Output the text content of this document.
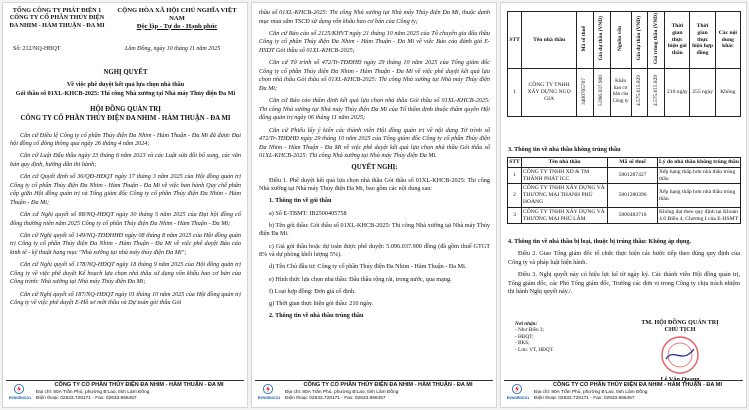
TỔNG CÔNG TY PHÁT ĐIỆN 1
CÔNG TY CỔ PHẦN THỦY ĐIỆN
ĐA NHIM - HÀM THUẬN - ĐA MI
CỘNG HÒA XÃ HỘI CHỦ NGHĨA VIỆT NAM
Độc lập - Tự do - Hạnh phúc
Số: 212/NQ-HĐQT	Lâm Đồng, ngày 10 tháng 11 năm 2025

NGHỊ QUYẾT

Về việc phê duyệt kết quả lựa chọn nhà thầu

Gói thầu số 01XL-KHCB-2025: Thi công Nhà xưởng tại Nhà máy Thủy điện Đa Mi

HỘI ĐỒNG QUẢN TRỊ

CÔNG TY CỔ PHẦN THỦY ĐIỆN ĐA NHIM - HÀM THUẬN - ĐA MI

Căn cứ Điều lệ Công ty cổ phần Thủy điện Đa Nhim - Hàm Thuận - Đa Mi đã được Đại hội đồng cổ đông thông qua ngày 26 tháng 4 năm 2024;

Căn cứ Luật Đấu thầu ngày 23 tháng 6 năm 2023 và các Luật sửa đổi bổ sung, các văn bản quy định, hướng dẫn thi hành;

Căn cứ Quyết định số 36/QĐ-HĐQT ngày 17 tháng 3 năm 2025 của Hội đồng quản trị Công ty cổ phần Thủy điện Đa Nhim - Hàm Thuận - Đa Mi về việc ban hành Quy chế phân cấp giữa Hội đồng quản trị và Tổng giám đốc Công ty cổ phần Thủy điện Đa Nhim - Hàm Thuận - Đa Mi;

Căn cứ Nghị quyết số 88/NQ-HĐQT ngày 30 tháng 5 năm 2025 của Đại hội đồng cổ đông thường niên năm 2025 Công ty cổ phần Thủy điện Đa Nhim - Hàm Thuận - Đa Mi;

Căn cứ Nghị quyết số 149/NQ-TĐĐHHĐ ngày 08 tháng 8 năm 2025 của Hội đồng quản trị Công ty cổ phần Thủy điện Đa Nhim - Hàm Thuận - Đa Mi về việc phê duyệt Báo cáo kinh tế - kỹ thuật hạng mục "Nhà xưởng tại nhà máy thủy điện Đa Mi";

Căn cứ Nghị quyết số 178/NQ-HĐQT ngày 18 tháng 9 năm 2025 của Hội đồng quản trị Công ty về việc phê duyệt Kế hoạch lựa chọn nhà thầu sử dụng vốn khấu hao cơ bản của Công trình: Nhà xưởng tại Nhà máy Thủy điện Đa Mi;

Căn cứ Nghị quyết số 187/NQ-HĐQT ngày 01 tháng 10 năm 2025 của Hội đồng quản trị Công ty về việc phê duyệt E-Hồ sơ mời thầu và Dự toán gói thầu Gói

EVNGENCO1
CÔNG TY CỔ PHẦN THỦY ĐIỆN ĐA NHIM - HÀM THUẬN - ĐA MI
Địa chỉ: 80A Trần Phú, phường B'Lao, tỉnh Lâm Đồng
Điện thoại: 02633.728171 - Fax: 02633.866457

thầu số 01XL-KHCB-2025: Thi công Nhà xưởng tại Nhà máy Thủy điện Đa Mi, thuộc danh mục mua sắm TSCĐ sử dụng vốn khấu hao cơ bản của Công ty;

Căn cứ Báo cáo số 2125/KHVT ngày 21 tháng 10 năm 2025 của Tổ chuyên gia đấu thầu Công ty cổ phần Thủy điện Đa Nhim - Hàm Thuận - Đa Mi về việc Báo cáo đánh giá E-HSDT Gói thầu số 01XL-KHCB-2025;

Căn cứ Tờ trình số 472/Tr-TĐĐHĐ ngày 29 tháng 10 năm 2025 của Tổng giám đốc Công ty cổ phần Thủy điện Đa Nhim - Hàm Thuận - Đa Mi về việc phê duyệt kết quả lựa chọn nhà thầu Gói thầu số 01XL-KHCB-2025: Thi công Nhà xưởng tại Nhà máy Thủy điện Đa Mi;

Căn cứ Báo cáo thẩm định kết quả lựa chọn nhà thầu Gói thầu số 01XL-KHCB-2025: Thi công Nhà xưởng tại Nhà máy Thủy điện Đa Mi của Tổ thẩm định thuộc thẩm quyền Hội đồng quản trị ngày 06 tháng 11 năm 2025;

Căn cứ Phiếu lấy ý kiến các thành viên Hội đồng quản trị về nội dung Tờ trình số 472/Tr-TĐĐHĐ ngày 29 tháng 10 năm 2025 của Tổng giám đốc Công ty cổ phần Thủy điện Đa Nhim - Hàm Thuận - Đa Mi về việc phê duyệt kết quả lựa chọn nhà thầu Gói thầu số 01XL-KHCB-2025: Thi công Nhà xưởng tại Nhà máy Thủy điện Đa Mi.

QUYẾT NGHỊ:

Điều 1. Phê duyệt kết quả lựa chọn nhà thầu Gói thầu số 01XL-KHCB-2025: Thi công Nhà xưởng tại Nhà máy Thủy điện Đa Mi, bao gồm các nội dung sau:

1. Thông tin về gói thầu

a) Số E-TBMT: IB2500405758

b) Tên gói thầu: Gói thầu số 01XL-KHCB-2025: Thi công Nhà xưởng tại Nhà máy Thủy điện Đa Mi.

c) Giá gói thầu hoặc dự toán được phê duyệt: 5.096.037.900 đồng (đã gồm thuế GTGT 8% và dự phòng khối lượng 5%).

d) Tên Chủ đầu tư: Công ty cổ phần Thủy điện Đa Nhim - Hàm Thuận - Đa Mi.

e) Hình thức lựa chọn nhà thầu: Đấu thầu rộng rãi, trong nước, qua mạng.

f) Loại hợp đồng: Đơn giá cố định.

g) Thời gian thực hiện gói thầu: 210 ngày.

2. Thông tin về nhà thầu trúng thầu

EVNGENCO1
CÔNG TY CỔ PHẦN THỦY ĐIỆN ĐA NHIM - HÀM THUẬN - ĐA MI
Địa chỉ: 80A Trần Phú, phường B'Lao, tỉnh Lâm Đồng
Điện thoại: 02633.728171 - Fax: 02633.866457
STT	Tên nhà thầu	Mã số thuế	Giá dự thầu (VND)	Nguồn vốn	Giá dự thầu (VND)	Giá trúng thầu (VND)	Thời gian thực hiện gói thầu	Thời gian thực hiện hợp đồng	Các nội dung khác
1	CÔNG TY TNHH XÂY DỰNG NGỌ GIA	3400765707	5.096.037.900	Khấu hao cơ bản của Công ty	4.575.615.829	4.575.615.829	210 ngày	255 ngày	Không

3. Thông tin về nhà thầu không trúng thầu

STT	Tên nhà thầu	Mã số thuế	Lý do nhà thầu không trúng thầu
1	CÔNG TY TNHH XD & TM THÀNH PHÁT ICC	5801287427	Xếp hạng thấp hơn nhà thầu trúng thầu
2	CÔNG TY TNHH XÂY DỰNG VÀ THƯƠNG MẠI THANH PHÚ HOÀNG	5801280396	Xếp hạng thấp hơn nhà thầu trúng thầu
3	CÔNG TY TNHH XÂY DỰNG VÀ THƯƠNG MẠI PHÚ LÂM	5800483718	Không đạt theo quy định tại Khoản 4.6 Điều 4, Chương I của E-HSMT

4. Thông tin về nhà thầu bị loại, thuộc bị trúng thầu: Không áp dụng.

Điều 2. Giao Tổng giám đốc tổ chức thực hiện các bước tiếp theo đúng quy định của Công ty và pháp luật hiện hành.

Điều 3. Nghị quyết này có hiệu lực kể từ ngày ký. Các thành viên Hội đồng quản trị, Tổng giám đốc, các Phó Tổng giám đốc, Trưởng các đơn vị trong Công ty chịu trách nhiệm thi hành Nghị quyết này./.

Nơi nhận:
- Như Điều 3;
- HĐQT;
- BKS;
- Lưu: VT, HĐQT.
TM. HỘI ĐỒNG QUẢN TRỊ
CHỦ TỊCH
Lê Văn Quang
EVNGENCO1
CÔNG TY CỔ PHẦN THỦY ĐIỆN ĐA NHIM - HÀM THUẬN - ĐA MI
Địa chỉ: 80A Trần Phú, phường B'Lao, tỉnh Lâm Đồng
Điện thoại: 02633.728171 - Fax: 02633.866457
